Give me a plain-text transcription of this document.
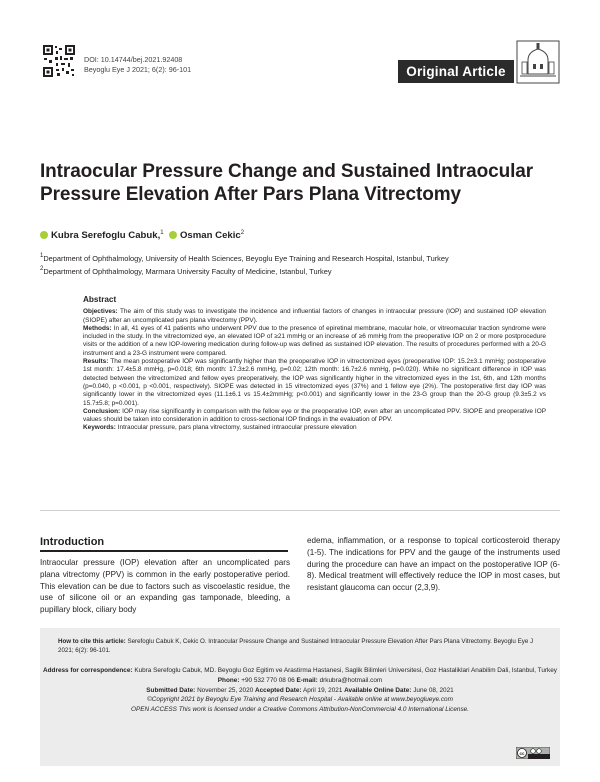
DOI: 10.14744/bej.2021.92408
Beyoglu Eye J 2021; 6(2): 96-101	Original Article
Intraocular Pressure Change and Sustained Intraocular Pressure Elevation After Pars Plana Vitrectomy
Kubra Serefoglu Cabuk,$^1$ Osman Cekic$^2$
$^1$Department of Ophthalmology, University of Health Sciences, Beyoglu Eye Training and Research Hospital, Istanbul, Turkey
$^2$Department of Ophthalmology, Marmara University Faculty of Medicine, Istanbul, Turkey
Abstract

Objectives: The aim of this study was to investigate the incidence and influential factors of changes in intraocular pressure (IOP) and sustained IOP elevation (SIOPE) after an uncomplicated pars plana vitrectomy (PPV).

Methods: In all, 41 eyes of 41 patients who underwent PPV due to the presence of epiretinal membrane, macular hole, or vitreomacular traction syndrome were included in the study. In the vitrectomized eye, an elevated IOP of ≥21 mmHg or an increase of ≥6 mmHg from the preoperative IOP on 2 or more postprocedure visits or the addition of a new IOP-lowering medication during follow-up was defined as sustained IOP elevation. The results of procedures performed with a 20-G instrument and a 23-G instrument were compared.

Results: The mean postoperative IOP was significantly higher than the preoperative IOP in vitrectomized eyes (preoperative IOP: 15.2±3.1 mmHg; postoperative 1st month: 17.4±5.8 mmHg, p=0.018; 6th month: 17.3±2.6 mmHg, p=0.02; 12th month: 16.7±2.6 mmHg, p=0.020). While no significant difference in IOP was detected between the vitrectomized and fellow eyes preoperatively, the IOP was significantly higher in the vitrectomized eyes in the 1st, 6th, and 12th months (p=0.040, p <0.001, p <0.001, respectively). SIOPE was detected in 15 vitrectomized eyes (37%) and 1 fellow eye (2%). The postoperative first day IOP was significantly lower in the vitrectomized eyes (11.1±6.1 vs 15.4±2mmHg; p<0.001) and significantly lower in the 23-G group than the 20-G group (9.3±5.2 vs 15.7±5.8; p=0.001).

Conclusion: IOP may rise significantly in comparison with the fellow eye or the preoperative IOP, even after an uncomplicated PPV. SIOPE and preoperative IOP values should be taken into consideration in addition to cross-sectional IOP findings in the evaluation of PPV.

Keywords: Intraocular pressure, pars plana vitrectomy, sustained intraocular pressure elevation

Introduction

Intraocular pressure (IOP) elevation after an uncomplicated pars plana vitrectomy (PPV) is common in the early postoperative period. This elevation can be due to factors such as viscoelastic residue, the use of silicone oil or an expanding gas tamponade, bleeding, a pupillary block, ciliary body

edema, inflammation, or a response to topical corticosteroid therapy (1-5). The indications for PPV and the gauge of the instruments used during the procedure can have an impact on the postoperative IOP (6-8). Medical treatment will effectively reduce the IOP in most cases, but resistant glaucoma can occur (2,3,9).

How to cite this article: Serefoglu Cabuk K, Cekic O. Intraocular Pressure Change and Sustained Intraocular Pressure Elevation After Pars Plana Vitrectomy. Beyoglu Eye J 2021; 6(2): 96-101.
Address for correspondence: Kubra Serefoglu Cabuk, MD. Beyoglu Goz Egitim ve Arastirma Hastanesi, Saglik Bilimleri Universitesi, Goz Hastaliklari Anabilim Dali, Istanbul, Turkey
Phone: +90 532 770 08 06 E-mail: drkubra@hotmail.com
Submitted Date: November 25, 2020 Accepted Date: April 19, 2021 Available Online Date: June 08, 2021
©Copyright 2021 by Beyoglu Eye Training and Research Hospital - Available online at www.beyoglueye.com
OPEN ACCESS This work is licensed under a Creative Commons Attribution-NonCommercial 4.0 International License.
cc
